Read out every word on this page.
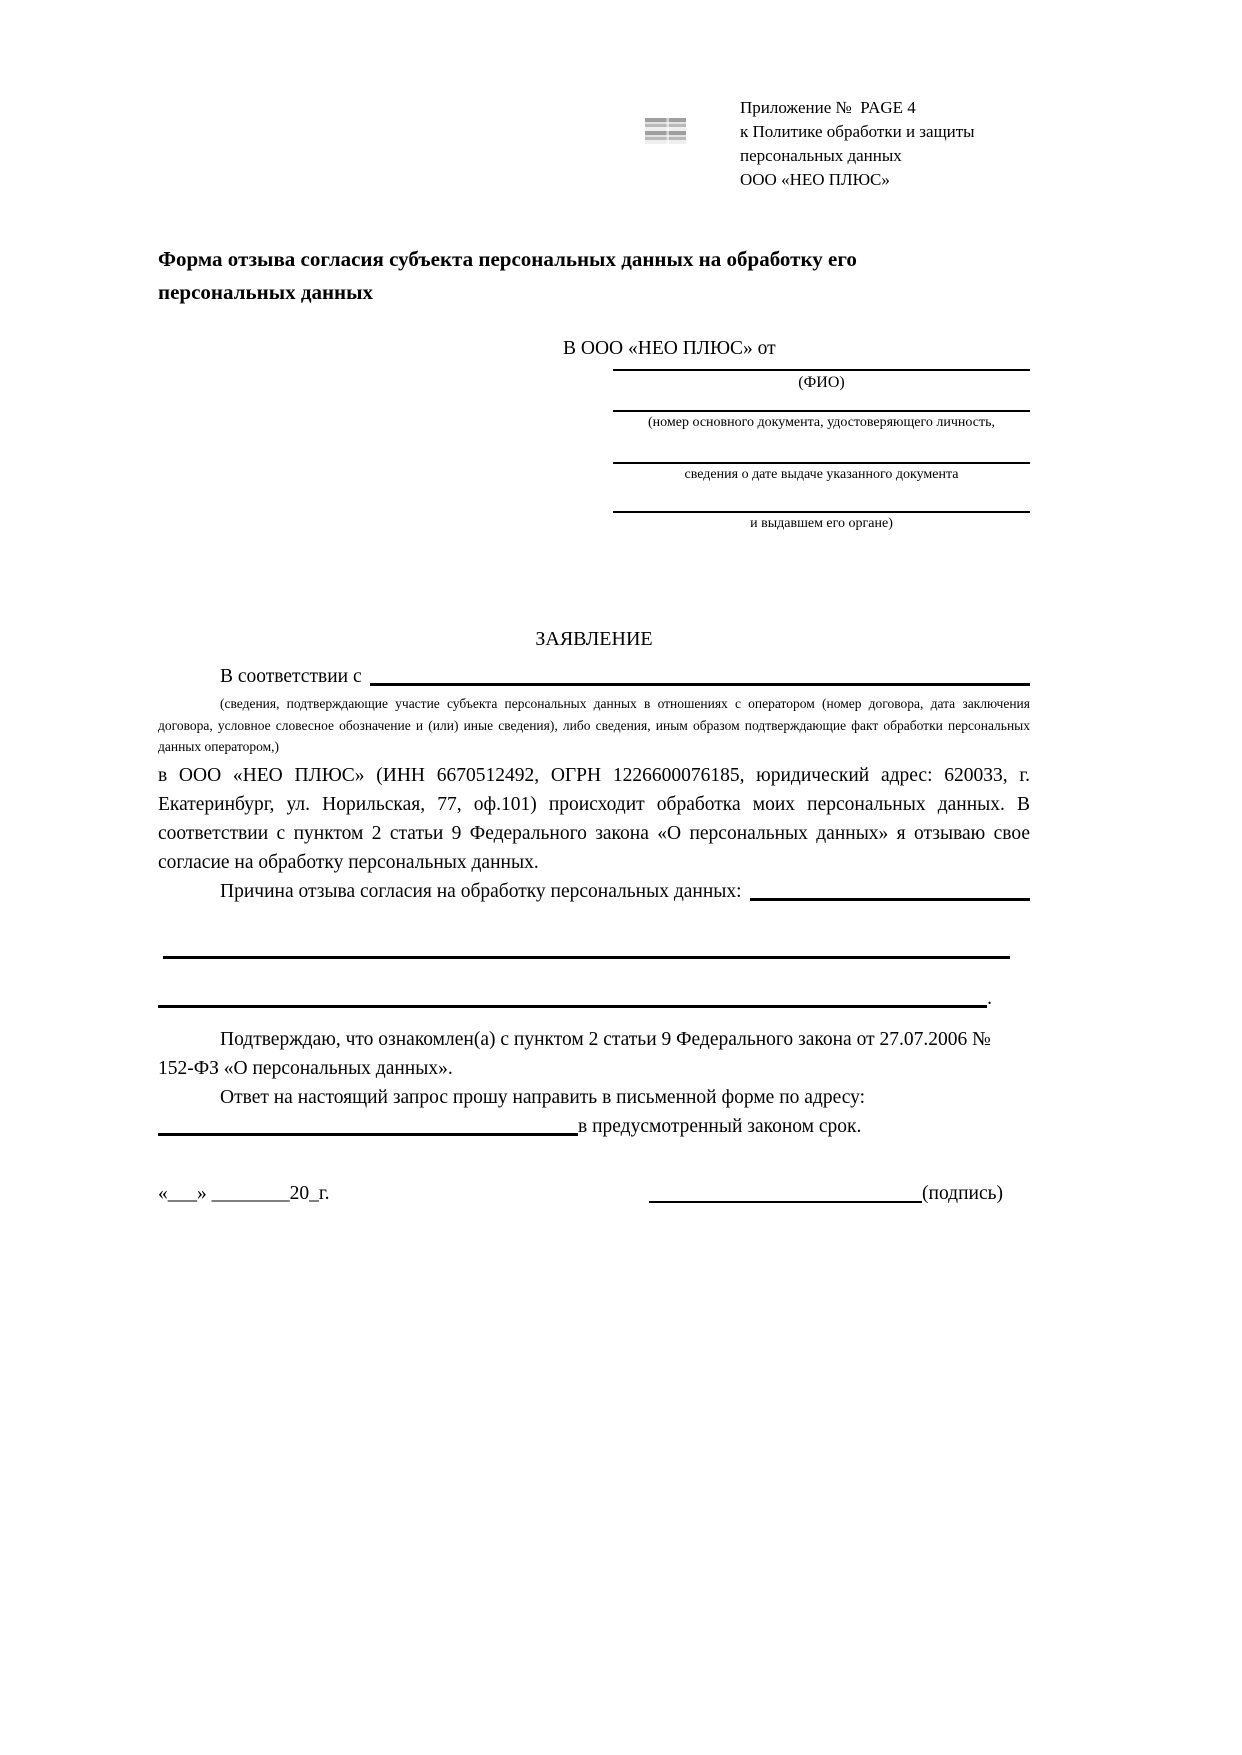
Приложение №  PAGE 4
к Политике обработки и защиты
персональных данных
ООО «НЕО ПЛЮС»
Форма отзыва согласия субъекта персональных данных на обработку его
персональных данных
В ООО «НЕО ПЛЮС» от
(ФИО)
(номер основного документа, удостоверяющего личность,
сведения о дате выдаче указанного документа
и выдавшем его органе)
ЗАЯВЛЕНИЕ
В соответствии с
(сведения, подтверждающие участие субъекта персональных данных в отношениях с оператором (номер договора, дата заключения договора, условное словесное обозначение и (или) иные сведения), либо сведения, иным образом подтверждающие факт обработки персональных данных оператором,)
в ООО «НЕО ПЛЮС» (ИНН 6670512492, ОГРН 1226600076185, юридический адрес: 620033, г. Екатеринбург, ул. Норильская, 77, оф.101) происходит обработка моих персональных данных. В соответствии с пунктом 2 статьи 9 Федерального закона «О персональных данных» я отзываю свое согласие на обработку персональных данных.
Причина отзыва согласия на обработку персональных данных:
.
Подтверждаю, что ознакомлен(а) с пунктом 2 статьи 9 Федерального закона от 27.07.2006 № 152-ФЗ «О персональных данных».
Ответ на настоящий запрос прошу направить в письменной форме по адресу:
в предусмотренный законом срок.
«___» ________20_г.	(подпись)
